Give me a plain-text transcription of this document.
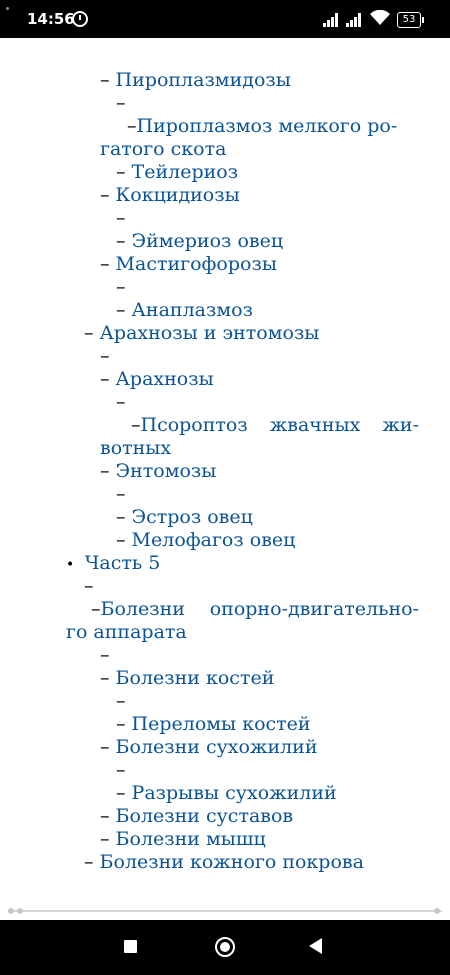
14:56	53
– Пироплазмидозы
–
– Пироплазмоз мелкого ро-
гатого скота
– Тейлериоз
– Кокцидиозы
–
– Эймериоз овец
– Мастигофорозы
–
– Анаплазмоз
– Арахнозы и энтомозы
–
– Арахнозы
–
– Псороптоз жвачных жи-
вотных
– Энтомозы
–
– Эстроз овец
– Мелофагоз овец
• Часть 5
–
– Болезни опорно-двигательно-
го аппарата
–
– Болезни костей
–
– Переломы костей
– Болезни сухожилий
–
– Разрывы сухожилий
– Болезни суставов
– Болезни мышц
– Болезни кожного покрова
